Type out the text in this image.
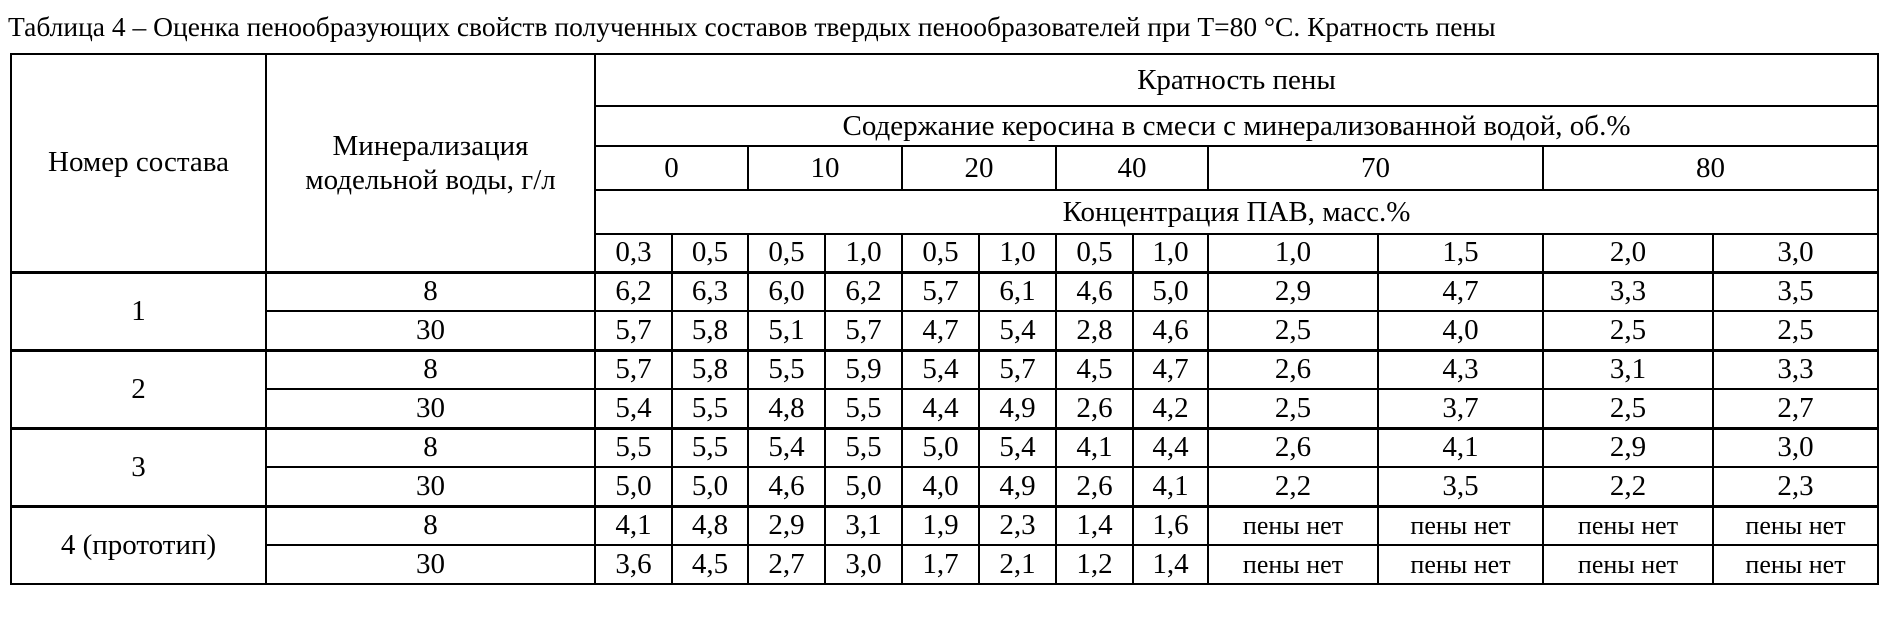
Таблица 4 – Оценка пенообразующих свойств полученных составов твердых пенообразователей при T=80 °C. Кратность пены
Номер состава	Минерализация модельной воды, г/л	Кратность пены											
		Содержание керосина в смеси с минерализованной водой, об.%											
		0		10		20		40		70		80	
		Концентрация ПАВ, масс.%											
		0,3	0,5	0,5	1,0	0,5	1,0	0,5	1,0	1,0	1,5	2,0	3,0
1	8	6,2	6,3	6,0	6,2	5,7	6,1	4,6	5,0	2,9	4,7	3,3	3,5
	30	5,7	5,8	5,1	5,7	4,7	5,4	2,8	4,6	2,5	4,0	2,5	2,5
2	8	5,7	5,8	5,5	5,9	5,4	5,7	4,5	4,7	2,6	4,3	3,1	3,3
	30	5,4	5,5	4,8	5,5	4,4	4,9	2,6	4,2	2,5	3,7	2,5	2,7
3	8	5,5	5,5	5,4	5,5	5,0	5,4	4,1	4,4	2,6	4,1	2,9	3,0
	30	5,0	5,0	4,6	5,0	4,0	4,9	2,6	4,1	2,2	3,5	2,2	2,3
4 (прототип)	8	4,1	4,8	2,9	3,1	1,9	2,3	1,4	1,6	пены нет	пены нет	пены нет	пены нет
	30	3,6	4,5	2,7	3,0	1,7	2,1	1,2	1,4	пены нет	пены нет	пены нет	пены нет
